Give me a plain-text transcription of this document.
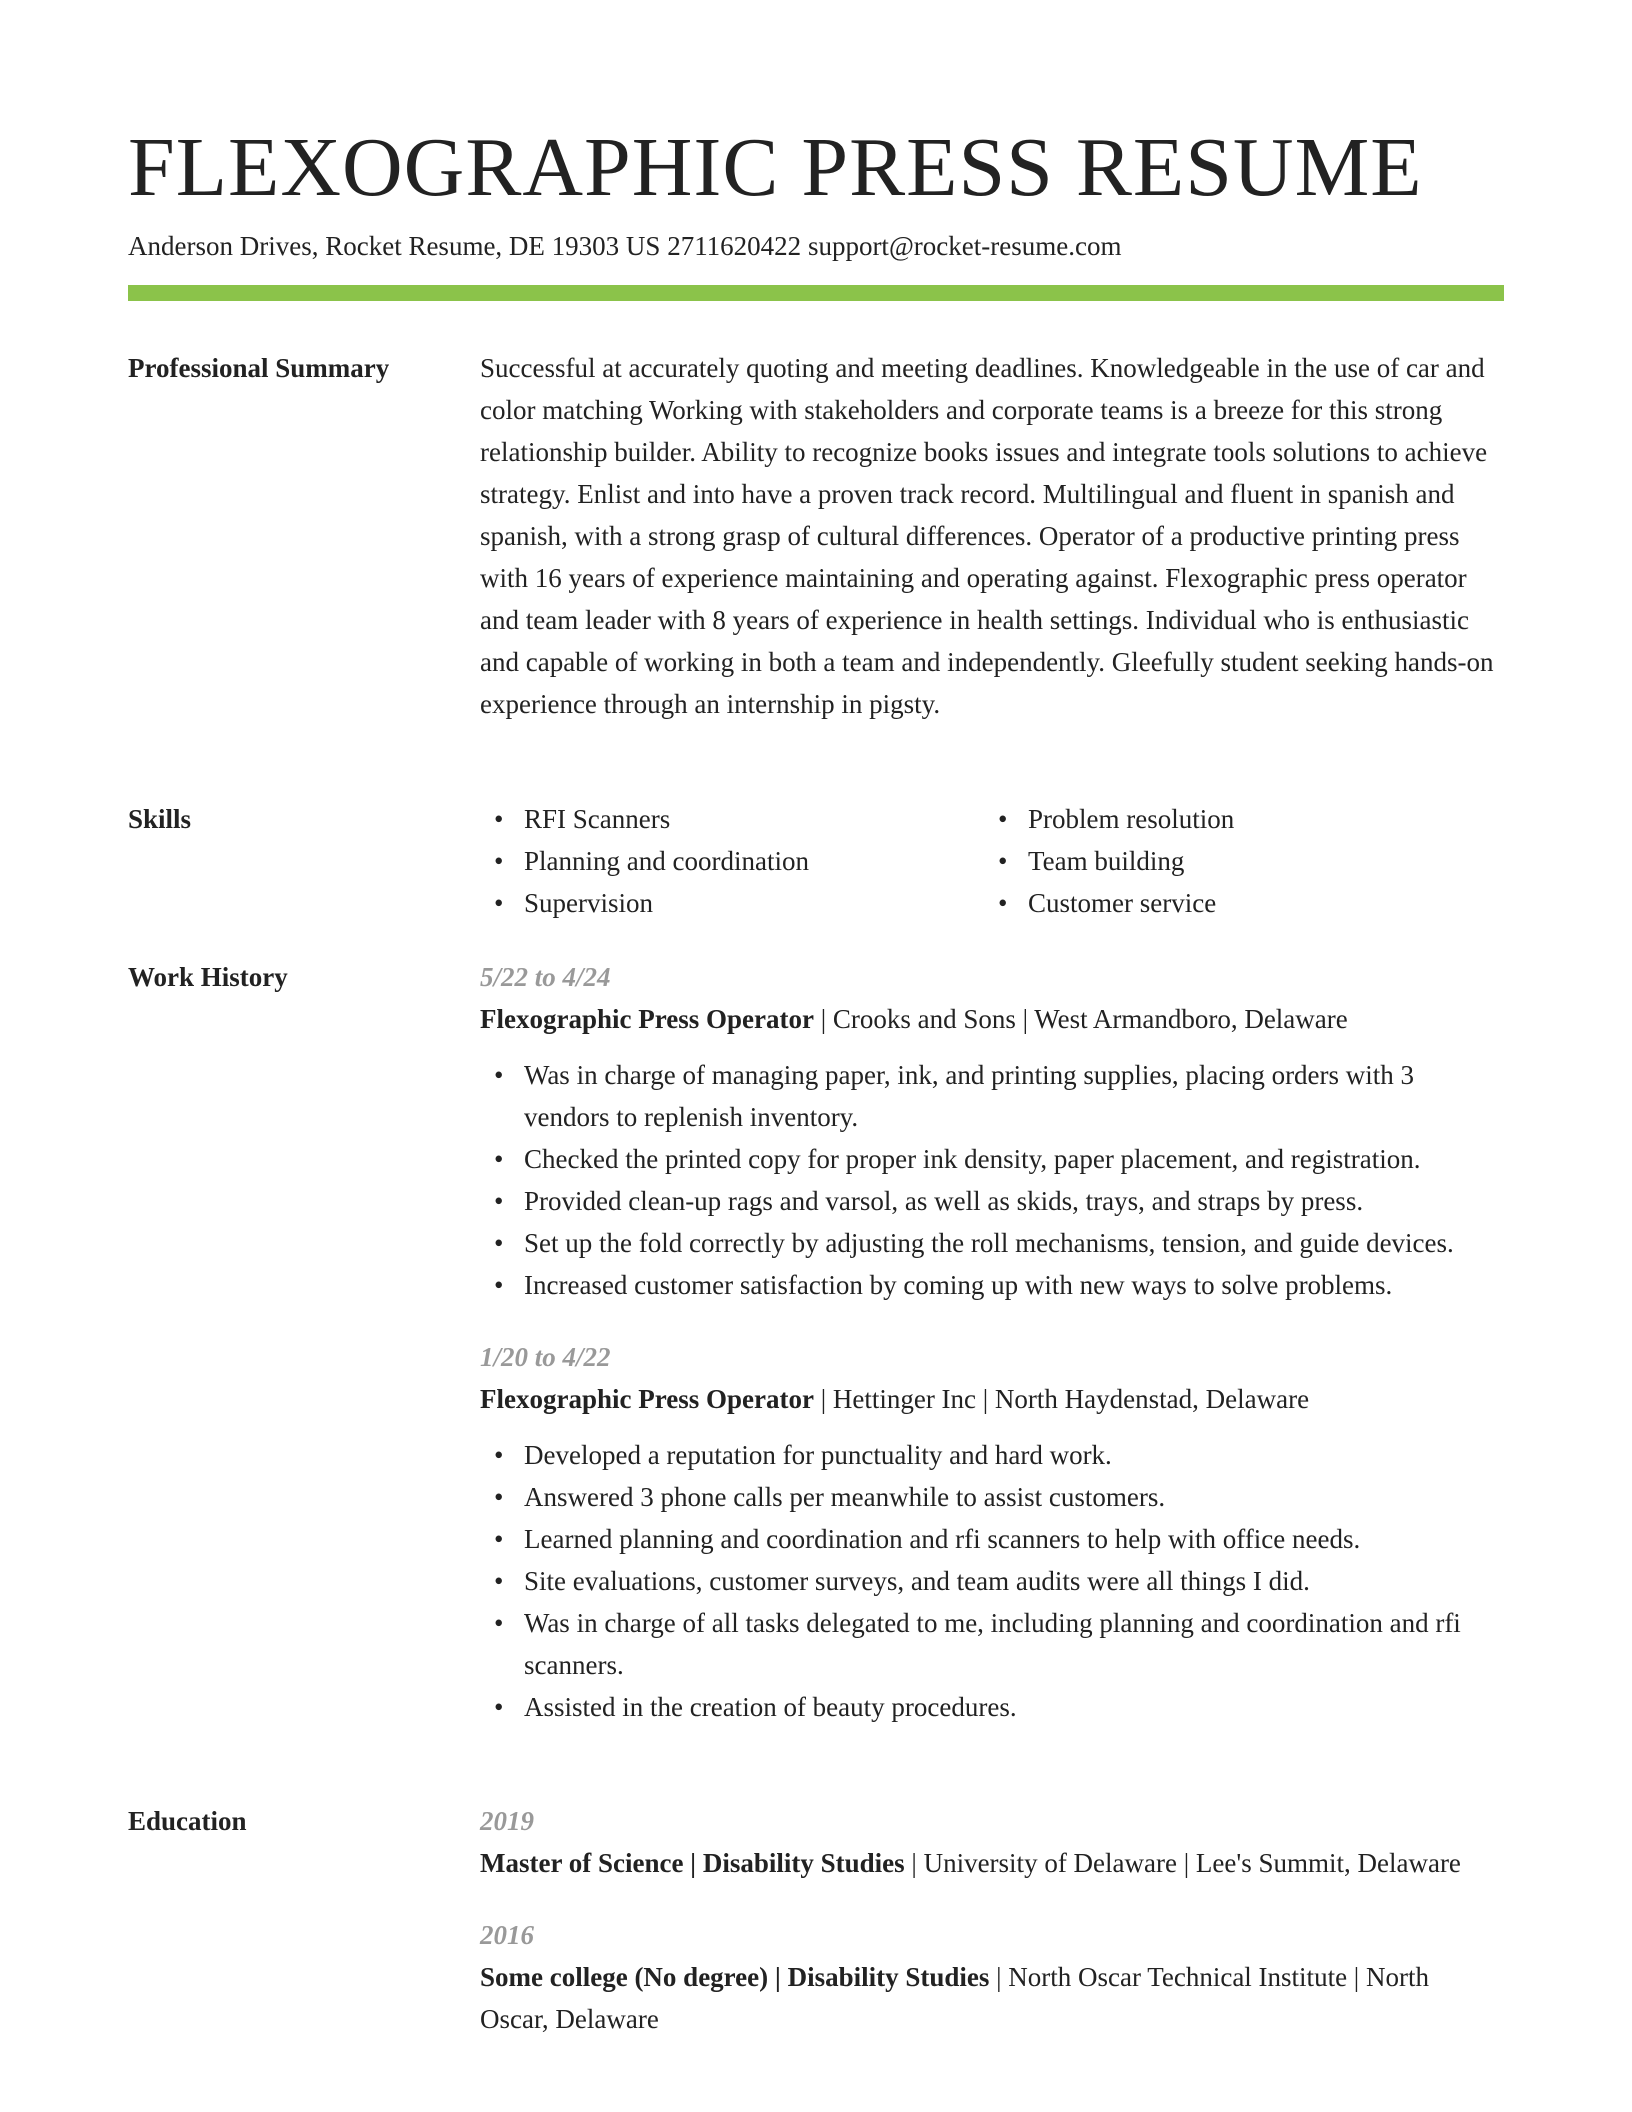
FLEXOGRAPHIC PRESS RESUME
Anderson Drives, Rocket Resume, DE 19303 US 2711620422 support@rocket-resume.com
Professional Summary	Successful at accurately quoting and meeting deadlines. Knowledgeable in the use of car and color matching Working with stakeholders and corporate teams is a breeze for this strong relationship builder. Ability to recognize books issues and integrate tools solutions to achieve strategy. Enlist and into have a proven track record. Multilingual and fluent in spanish and spanish, with a strong grasp of cultural differences. Operator of a productive printing press with 16 years of experience maintaining and operating against. Flexographic press operator and team leader with 8 years of experience in health settings. Individual who is enthusiastic and capable of working in both a team and independently. Gleefully student seeking hands-on experience through an internship in pigsty.

Skills	• RFI Scanners	• Problem resolution
• Planning and coordination	• Team building
• Supervision	• Customer service
Work History	5/22 to 4/24
Flexographic Press Operator | Crooks and Sons | West Armandboro, Delaware
• Was in charge of managing paper, ink, and printing supplies, placing orders with 3 vendors to replenish inventory.
• Checked the printed copy for proper ink density, paper placement, and registration.
• Provided clean-up rags and varsol, as well as skids, trays, and straps by press.
• Set up the fold correctly by adjusting the roll mechanisms, tension, and guide devices.
• Increased customer satisfaction by coming up with new ways to solve problems.
1/20 to 4/22
Flexographic Press Operator | Hettinger Inc | North Haydenstad, Delaware
• Developed a reputation for punctuality and hard work.
• Answered 3 phone calls per meanwhile to assist customers.
• Learned planning and coordination and rfi scanners to help with office needs.
• Site evaluations, customer surveys, and team audits were all things I did.
• Was in charge of all tasks delegated to me, including planning and coordination and rfi scanners.
• Assisted in the creation of beauty procedures.
Education	2019
Master of Science | Disability Studies | University of Delaware | Lee's Summit, Delaware
2016
Some college (No degree) | Disability Studies | North Oscar Technical Institute | North Oscar, Delaware
